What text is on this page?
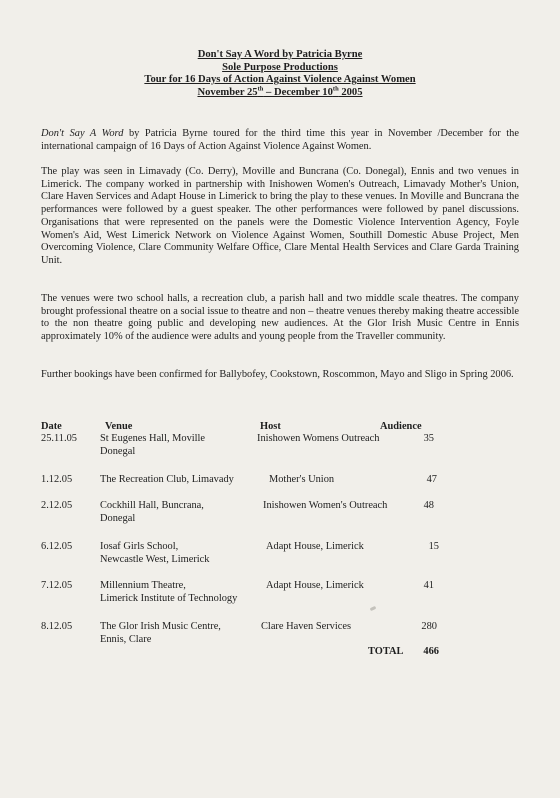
Don't Say A Word by Patricia Byrne
Sole Purpose Productions
Tour for 16 Days of Action Against Violence Against Women
November 25th – December 10th 2005

Don't Say A Word by Patricia Byrne toured for the third time this year in November /December for the international campaign of 16 Days of Action Against Violence Against Women.

The play was seen in Limavady (Co. Derry), Moville and Buncrana (Co. Donegal), Ennis and two venues in Limerick. The company worked in partnership with Inishowen Women's Outreach, Limavady Mother's Union, Clare Haven Services and Adapt House in Limerick to bring the play to these venues. In Moville and Buncrana the performances were followed by a guest speaker. The other performances were followed by panel discussions. Organisations that were represented on the panels were the Domestic Violence Intervention Agency, Foyle Women's Aid, West Limerick Network on Violence Against Women, Southill Domestic Abuse Project, Men Overcoming Violence, Clare Community Welfare Office, Clare Mental Health Services and Clare Garda Training Unit.

The venues were two school halls, a recreation club, a parish hall and two middle scale theatres. The company brought professional theatre on a social issue to theatre and non – theatre venues thereby making theatre accessible to the non theatre going public and developing new audiences. At the Glor Irish Music Centre in Ennis approximately 10% of the audience were adults and young people from the Traveller community.

Further bookings have been confirmed for Ballybofey, Cookstown, Roscommon, Mayo and Sligo in Spring 2006.

Date	Venue	Host	Audience
25.11.05 St Eugenes Hall, Moville
Donegal
Inishowen Womens Outreach	35
1.12.05	The Recreation Club, Limavady	Mother's Union	47
2.12.05	Cockhill Hall, Buncrana,
Donegal
Inishowen Women's Outreach	48
6.12.05	Iosaf Girls School,
Newcastle West, Limerick
Adapt House, Limerick	15
7.12.05	Millennium Theatre,
Limerick Institute of Technology
Adapt House, Limerick	41
8.12.05	The Glor Irish Music Centre,
Ennis, Clare
Clare Haven Services	280
TOTAL	466
